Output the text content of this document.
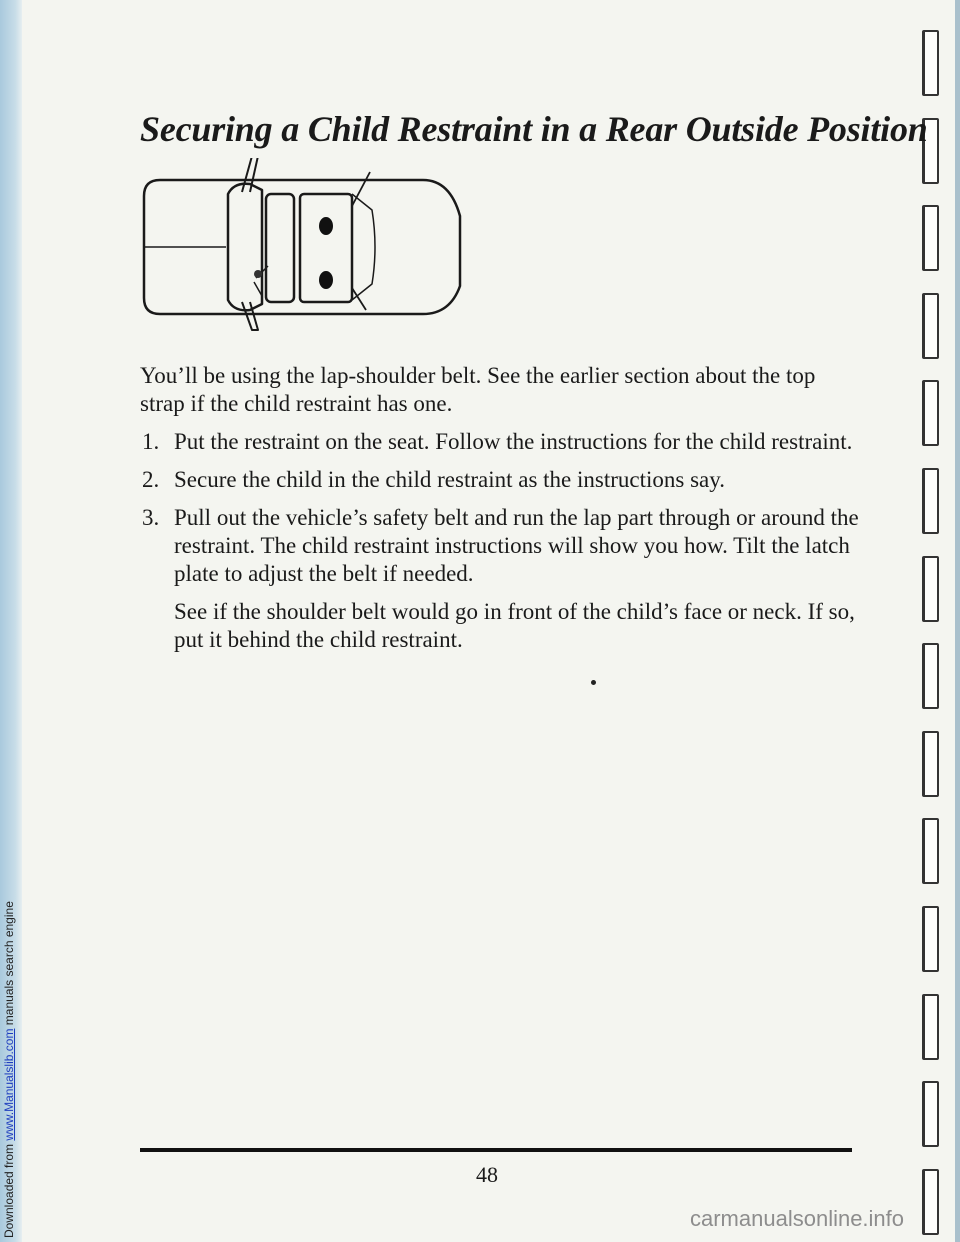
Downloaded from www.Manualslib.com manuals search engine
Securing a Child Restraint in a Rear Outside Position

You’ll be using the lap-shoulder belt. See the earlier section about the top strap if the child restraint has one.

1. Put the restraint on the seat. Follow the instructions for the child restraint.
2. Secure the child in the child restraint as the instructions say.
3. Pull out the vehicle’s safety belt and run the lap part through or around the restraint. The child restraint instructions will show you how. Tilt the latch plate to adjust the belt if needed.

See if the shoulder belt would go in front of the child’s face or neck. If so, put it behind the child restraint.

48
carmanualsonline.info
